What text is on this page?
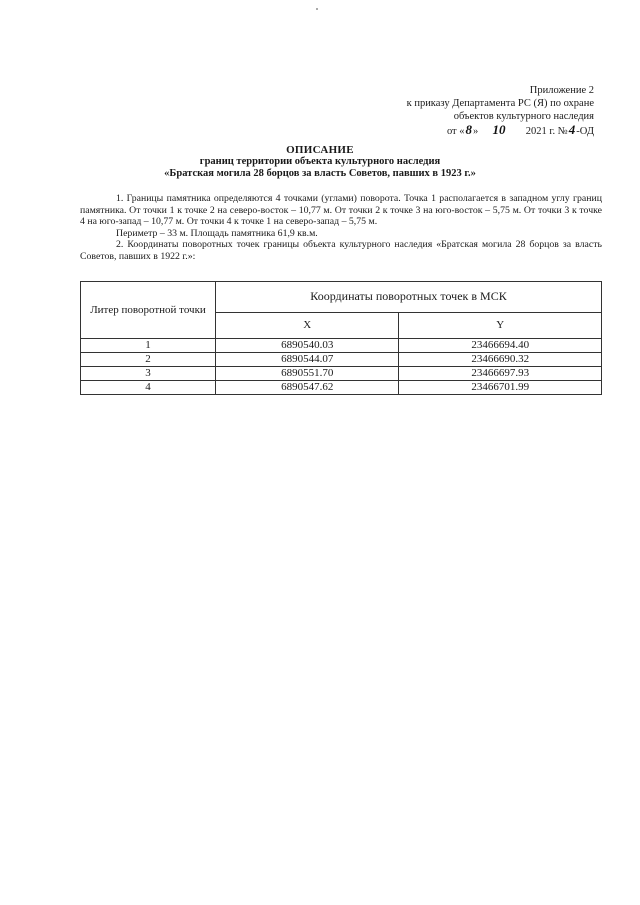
Приложение 2
к приказу Департамента РС (Я) по охране
объектов культурного наследия
от «8» 10 2021 г. №4-ОД
ОПИСАНИЕ
границ территории объекта культурного наследия
«Братская могила 28 борцов за власть Советов, павших в 1923 г.»

1. Границы памятника определяются 4 точками (углами) поворота. Точка 1 располагается в западном углу границ памятника. От точки 1 к точке 2 на северо-восток – 10,77 м. От точки 2 к точке 3 на юго-восток – 5,75 м. От точки 3 к точке 4 на юго-запад – 10,77 м. От точки 4 к точке 1 на северо-запад – 5,75 м.

Периметр – 33 м. Площадь памятника 61,9 кв.м.

2. Координаты поворотных точек границы объекта культурного наследия «Братская могила 28 борцов за власть Советов, павших в 1922 г.»:

Литер поворотной точки	Координаты поворотных точек в МСК	
	X	Y
1	6890540.03	23466694.40
2	6890544.07	23466690.32
3	6890551.70	23466697.93
4	6890547.62	23466701.99
